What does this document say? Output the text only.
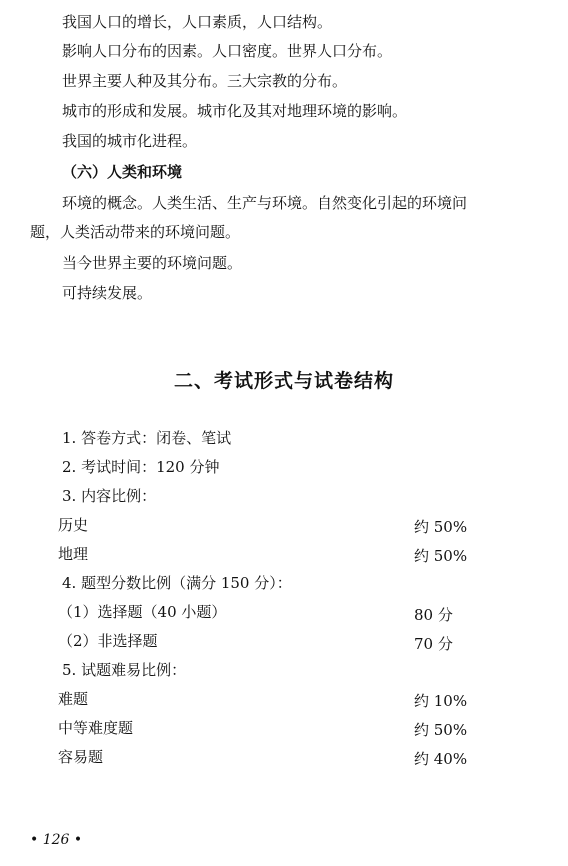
我国人口的增长，人口素质，人口结构。
影响人口分布的因素。人口密度。世界人口分布。
世界主要人种及其分布。三大宗教的分布。
城市的形成和发展。城市化及其对地理环境的影响。
我国的城市化进程。
（六）人类和环境
环境的概念。人类生活、生产与环境。自然变化引起的环境问
题，人类活动带来的环境问题。
当今世界主要的环境问题。
可持续发展。
二、考试形式与试卷结构
1. 答卷方式：闭卷、笔试
2. 考试时间：120 分钟
3. 内容比例：
历史	约 50%
地理	约 50%
4. 题型分数比例（满分 150 分）：
（1）选择题（40 小题）	80 分
（2）非选择题	70 分
5. 试题难易比例：
难题	约 10%
中等难度题	约 50%
容易题	约 40%
• 126 •
